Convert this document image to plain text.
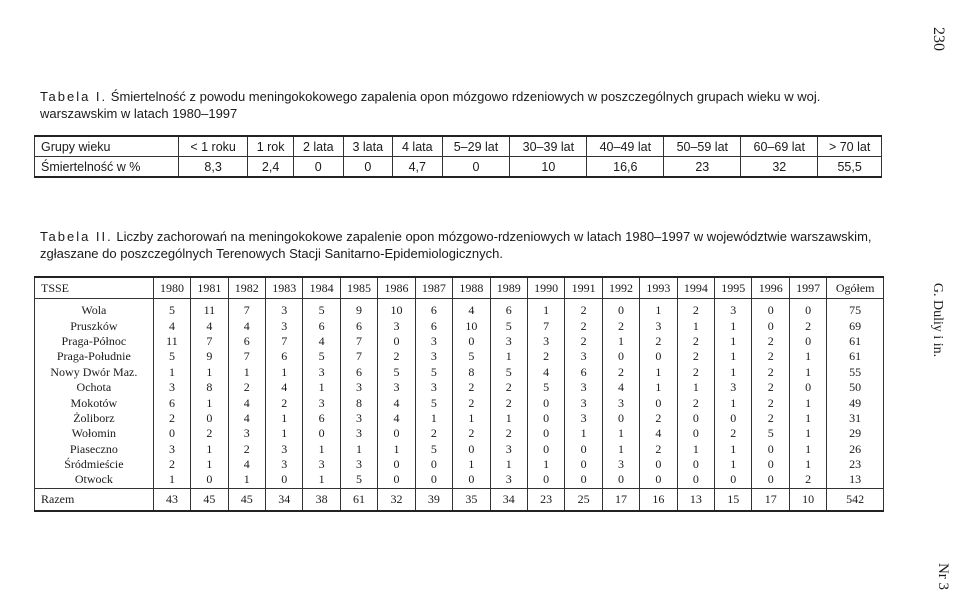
230
G. Duliy i in.
Nr 3
Tabela I. Śmiertelność z powodu meningokokowego zapalenia opon mózgowo rdzeniowych w poszczególnych grupach wieku w woj. warszawskim w latach 1980–1997
Grupy wieku	< 1 roku	1 rok	2 lata	3 lata	4 lata	5–29 lat	30–39 lat	40–49 lat	50–59 lat	60–69 lat	> 70 lat
Śmiertelność w %	8,3	2,4	0	0	4,7	0	10	16,6	23	32	55,5
Tabela II. Liczby zachorowań na meningokokowe zapalenie opon mózgowo-rdzeniowych w latach 1980–1997 w województwie warszawskim, zgłaszane do poszczególnych Terenowych Stacji Sanitarno-Epidemiologicznych.
TSSE	1980	1981	1982	1983	1984	1985	1986	1987	1988	1989	1990	1991	1992	1993	1994	1995	1996	1997	Ogółem
Wola	5	11	7	3	5	9	10	6	4	6	1	2	0	1	2	3	0	0	75
Pruszków	4	4	4	3	6	6	3	6	10	5	7	2	2	3	1	1	0	2	69
Praga-Północ	11	7	6	7	4	7	0	3	0	3	3	2	1	2	2	1	2	0	61
Praga-Południe	5	9	7	6	5	7	2	3	5	1	2	3	0	0	2	1	2	1	61
Nowy Dwór Maz.	1	1	1	1	3	6	5	5	8	5	4	6	2	1	2	1	2	1	55
Ochota	3	8	2	4	1	3	3	3	2	2	5	3	4	1	1	3	2	0	50
Mokotów	6	1	4	2	3	8	4	5	2	2	0	3	3	0	2	1	2	1	49
Żoliborz	2	0	4	1	6	3	4	1	1	1	0	3	0	2	0	0	2	1	31
Wołomin	0	2	3	1	0	3	0	2	2	2	0	1	1	4	0	2	5	1	29
Piaseczno	3	1	2	3	1	1	1	5	0	3	0	0	1	2	1	1	0	1	26
Śródmieście	2	1	4	3	3	3	0	0	1	1	1	0	3	0	0	1	0	1	23
Otwock	1	0	1	0	1	5	0	0	0	3	0	0	0	0	0	0	0	2	13
Razem	43	45	45	34	38	61	32	39	35	34	23	25	17	16	13	15	17	10	542
